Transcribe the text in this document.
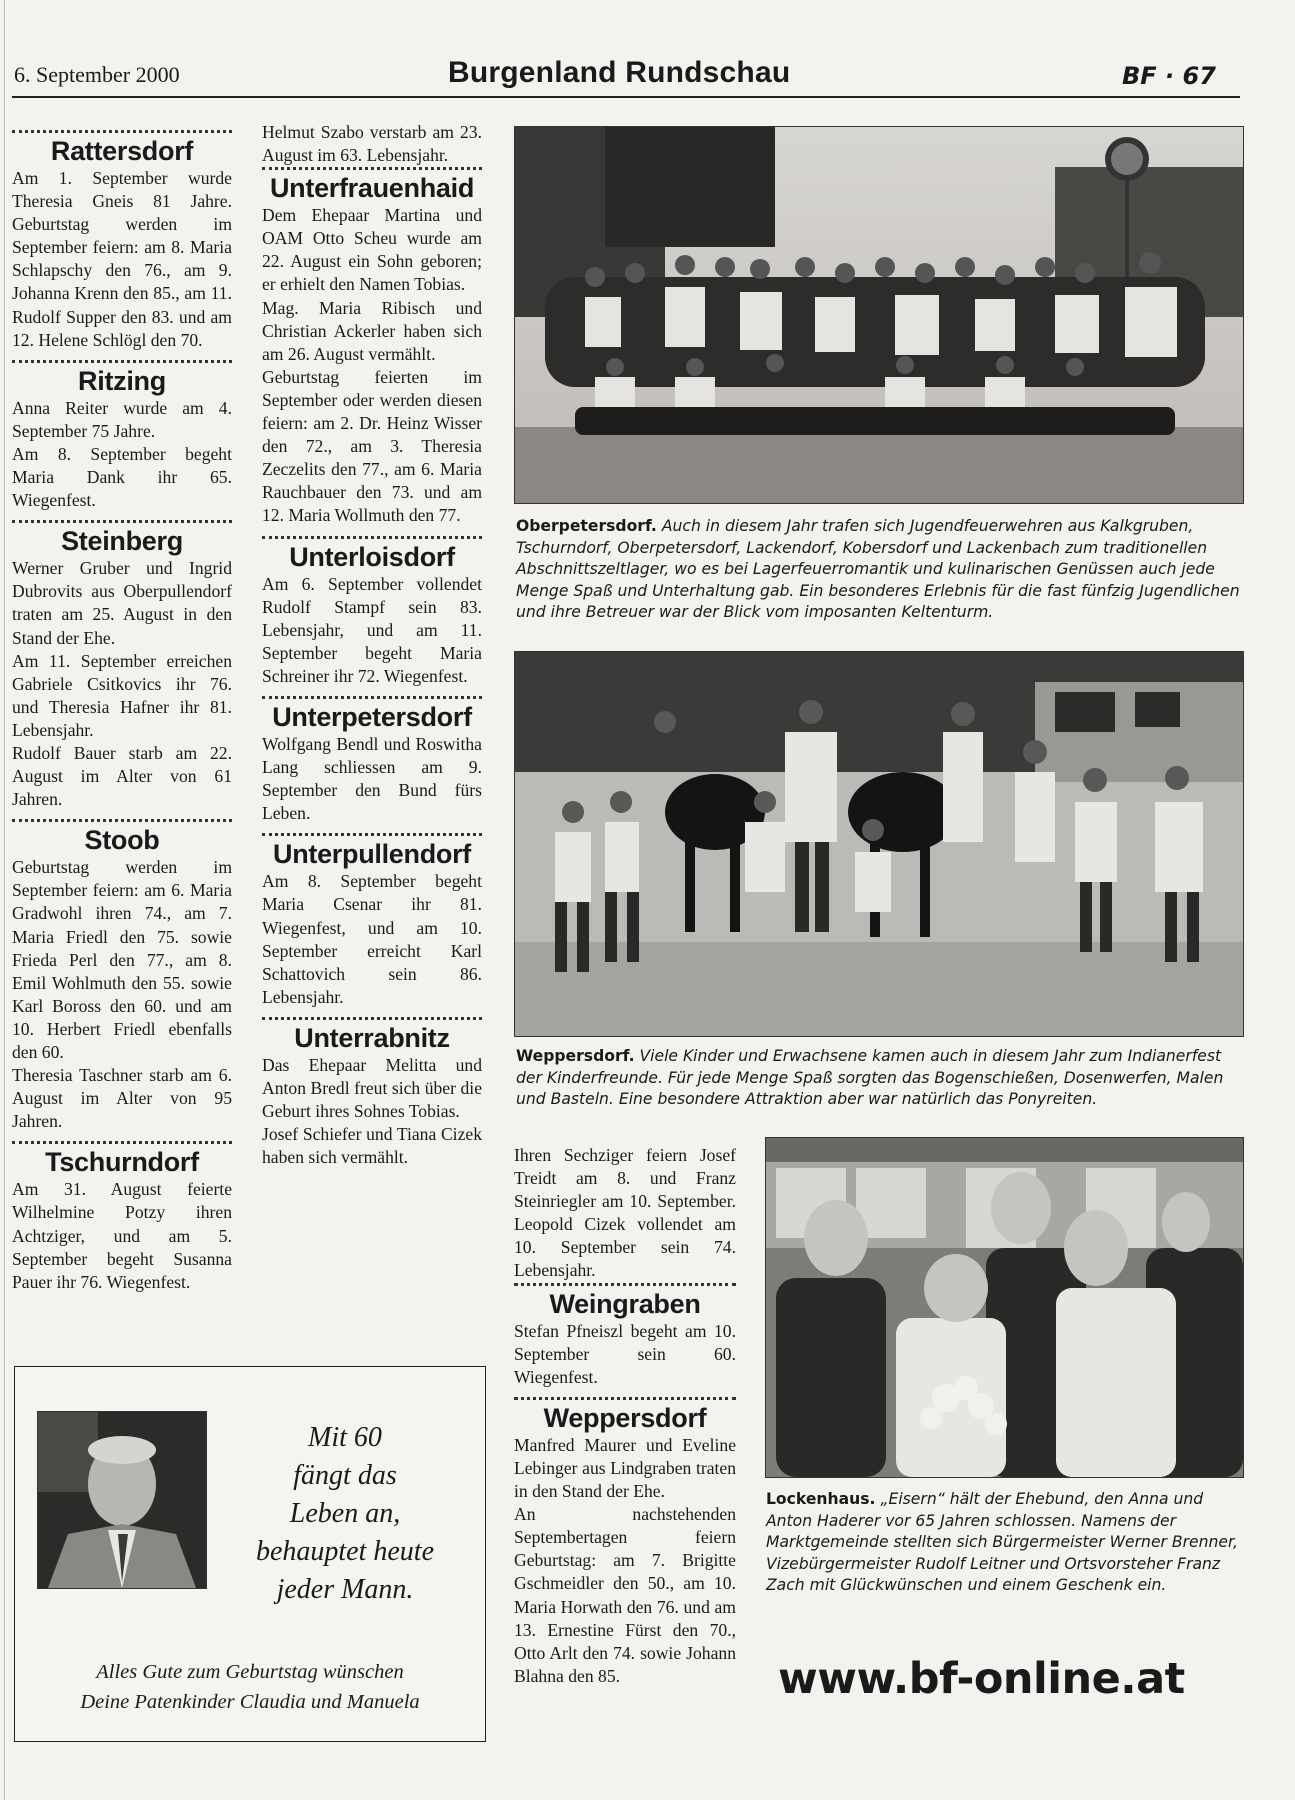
6. September 2000	Burgenland Rundschau	BF · 67
Rattersdorf

Am 1. September wurde Theresia Gneis 81 Jahre. Geburtstag werden im September feiern: am 8. Maria Schlapschy den 76., am 9. Johanna Krenn den 85., am 11. Rudolf Supper den 83. und am 12. Helene Schlögl den 70.

Ritzing

Anna Reiter wurde am 4. September 75 Jahre.

Am 8. September begeht Maria Dank ihr 65. Wiegenfest.

Steinberg

Werner Gruber und Ingrid Dubrovits aus Oberpullendorf traten am 25. August in den Stand der Ehe.

Am 11. September erreichen Gabriele Csitkovics ihr 76. und Theresia Hafner ihr 81. Lebensjahr.

Rudolf Bauer starb am 22. August im Alter von 61 Jahren.

Stoob

Geburtstag werden im September feiern: am 6. Maria Gradwohl ihren 74., am 7. Maria Friedl den 75. sowie Frieda Perl den 77., am 8. Emil Wohlmuth den 55. sowie Karl Boross den 60. und am 10. Herbert Friedl ebenfalls den 60.

Theresia Taschner starb am 6. August im Alter von 95 Jahren.

Tschurndorf

Am 31. August feierte Wilhelmine Potzy ihren Achtziger, und am 5. September begeht Susanna Pauer ihr 76. Wiegenfest.

Helmut Szabo verstarb am 23. August im 63. Lebensjahr.

Unterfrauenhaid

Dem Ehepaar Martina und OAM Otto Scheu wurde am 22. August ein Sohn geboren; er erhielt den Namen Tobias.

Mag. Maria Ribisch und Christian Ackerler haben sich am 26. August vermählt.

Geburtstag feierten im September oder werden diesen feiern: am 2. Dr. Heinz Wisser den 72., am 3. Theresia Zeczelits den 77., am 6. Maria Rauchbauer den 73. und am 12. Maria Wollmuth den 77.

Unterloisdorf

Am 6. September vollendet Rudolf Stampf sein 83. Lebensjahr, und am 11. September begeht Maria Schreiner ihr 72. Wiegenfest.

Unterpetersdorf

Wolfgang Bendl und Roswitha Lang schliessen am 9. September den Bund fürs Leben.

Unterpullendorf

Am 8. September begeht Maria Csenar ihr 81. Wiegenfest, und am 10. September erreicht Karl Schattovich sein 86. Lebensjahr.

Unterrabnitz

Das Ehepaar Melitta und Anton Bredl freut sich über die Geburt ihres Sohnes Tobias.

Josef Schiefer und Tiana Cizek haben sich vermählt.	Ihren Sechziger feiern Josef Treidt am 8. und Franz Steinriegler am 10. September. Leopold Cizek vollendet am 10. September sein 74. Lebensjahr.

Weingraben

Stefan Pfneiszl begeht am 10. September sein 60. Wiegenfest.

Weppersdorf

Manfred Maurer und Eveline Lebinger aus Lindgraben traten in den Stand der Ehe.

An nachstehenden Septembertagen feiern Geburtstag: am 7. Brigitte Gschmeidler den 50., am 10. Maria Horwath den 76. und am 13. Ernestine Fürst den 70., Otto Arlt den 74. sowie Johann Blahna den 85.

Oberpetersdorf. Auch in diesem Jahr trafen sich Jugendfeuerwehren aus Kalkgruben, Tschurndorf, Oberpetersdorf, Lackendorf, Kobersdorf und Lackenbach zum traditionellen Abschnittszeltlager, wo es bei Lagerfeuerromantik und kulinarischen Genüssen auch jede Menge Spaß und Unterhaltung gab. Ein besonderes Erlebnis für die fast fünfzig Jugendlichen und ihre Betreuer war der Blick vom imposanten Keltenturm.
Weppersdorf. Viele Kinder und Erwachsene kamen auch in diesem Jahr zum Indianerfest der Kinderfreunde. Für jede Menge Spaß sorgten das Bogenschießen, Dosenwerfen, Malen und Basteln. Eine besondere Attraktion aber war natürlich das Ponyreiten.
Lockenhaus. „Eisern“ hält der Ehebund, den Anna und Anton Haderer vor 65 Jahren schlossen. Namens der Marktgemeinde stellten sich Bürgermeister Werner Brenner, Vizebürgermeister Rudolf Leitner und Ortsvorsteher Franz Zach mit Glückwünschen und einem Geschenk ein.
Mit 60
fängt das
Leben an,
behauptet heute
jeder Mann.
Alles Gute zum Geburtstag wünschen
Deine Patenkinder Claudia und Manuela	www.bf-online.at
